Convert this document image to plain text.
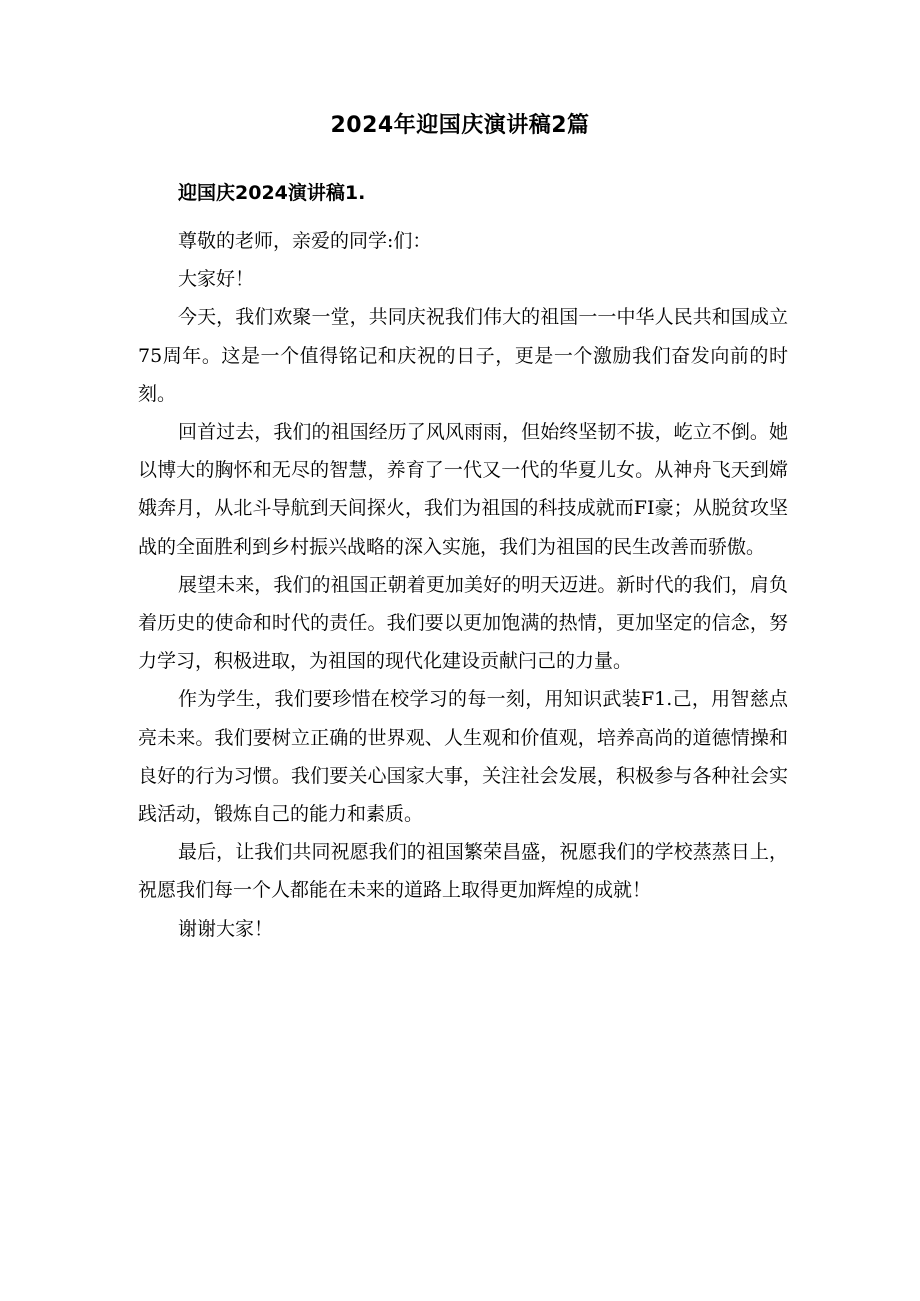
2024年迎国庆演讲稿2篇
迎国庆2024演讲稿1.

尊敬的老师，亲爱的同学:们：

大家好！

今天，我们欢聚一堂，共同庆祝我们伟大的祖国一一中华人民共和国成立75周年。这是一个值得铭记和庆祝的日子，更是一个激励我们奋发向前的时刻。

回首过去，我们的祖国经历了风风雨雨，但始终坚韧不拔，屹立不倒。她以博大的胸怀和无尽的智慧，养育了一代又一代的华夏儿女。从神舟飞天到嫦娥奔月，从北斗导航到天间探火，我们为祖国的科技成就而FI豪；从脱贫攻坚战的全面胜利到乡村振兴战略的深入实施，我们为祖国的民生改善而骄傲。

展望未来，我们的祖国正朝着更加美好的明天迈进。新时代的我们，肩负着历史的使命和时代的责任。我们要以更加饱满的热情，更加坚定的信念，努力学习，积极进取，为祖国的现代化建设贡献闩己的力量。

作为学生，我们要珍惜在校学习的每一刻，用知识武装F1.己，用智慈点亮未来。我们要树立正确的世界观、人生观和价值观，培养高尚的道德情操和良好的行为习惯。我们要关心国家大事，关注社会发展，积极参与各种社会实践活动，锻炼自己的能力和素质。

最后，让我们共同祝愿我们的祖国繁荣昌盛，祝愿我们的学校蒸蒸日上，祝愿我们每一个人都能在未来的道路上取得更加辉煌的成就！

谢谢大家！
